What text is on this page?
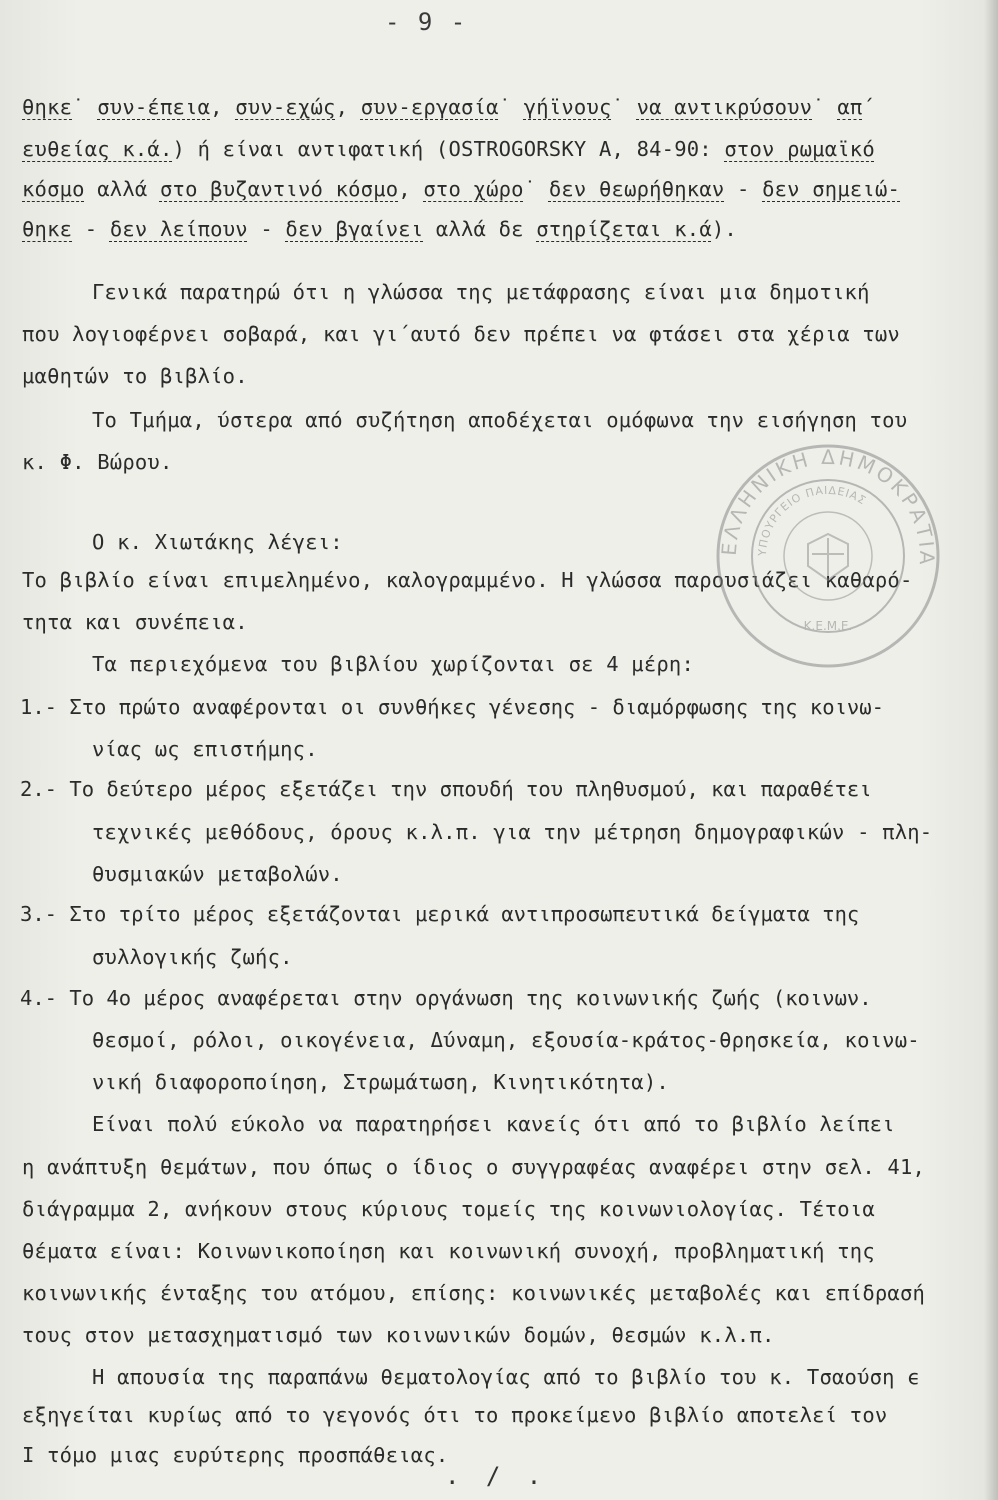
- 9 -
θηκε˙ συν-έπεια, συν-εχώς, συν-εργασία˙ γήϊνους˙ να αντικρύσουν˙ απ΄
ευθείας κ.ά.) ή είναι αντιφατική (OSTROGORSKY A, 84-90: στον ρωμαϊκό
κόσμο αλλά στο βυζαντινό κόσμο, στο χώρο˙ δεν θεωρήθηκαν - δεν σημειώ-
θηκε - δεν λείπουν - δεν βγαίνει αλλά δε στηρίζεται κ.ά).
Γενικά παρατηρώ ότι η γλώσσα της μετάφρασης είναι μια δημοτική
που λογιοφέρνει σοβαρά, και γι΄αυτό δεν πρέπει να φτάσει στα χέρια των
μαθητών το βιβλίο.
Το Τμήμα, ύστερα από συζήτηση αποδέχεται ομόφωνα την εισήγηση του
κ. Φ. Βώρου.
Ο κ. Χιωτάκης λέγει:
Το βιβλίο είναι επιμελημένο, καλογραμμένο. Η γλώσσα παρουσιάζει καθαρό-
τητα και συνέπεια.
Τα περιεχόμενα του βιβλίου χωρίζονται σε 4 μέρη:
1.- Στο πρώτο αναφέρονται οι συνθήκες γένεσης - διαμόρφωσης της κοινω-
νίας ως επιστήμης.
2.- Το δεύτερο μέρος εξετάζει την σπουδή του πληθυσμού, και παραθέτει
τεχνικές μεθόδους, όρους κ.λ.π. για την μέτρηση δημογραφικών - πλη-
θυσμιακών μεταβολών.
3.- Στο τρίτο μέρος εξετάζονται μερικά αντιπροσωπευτικά δείγματα της
συλλογικής ζωής.
4.- Το 4ο μέρος αναφέρεται στην οργάνωση της κοινωνικής ζωής (κοινων.
θεσμοί, ρόλοι, οικογένεια, Δύναμη, εξουσία-κράτος-θρησκεία, κοινω-
νική διαφοροποίηση, Στρωμάτωση, Κινητικότητα).
Είναι πολύ εύκολο να παρατηρήσει κανείς ότι από το βιβλίο λείπει
η ανάπτυξη θεμάτων, που όπως ο ίδιος ο συγγραφέας αναφέρει στην σελ. 41,
διάγραμμα 2, ανήκουν στους κύριους τομείς της κοινωνιολογίας. Τέτοια
θέματα είναι: Κοινωνικοποίηση και κοινωνική συνοχή, προβληματική της
κοινωνικής ένταξης του ατόμου, επίσης: κοινωνικές μεταβολές και επίδρασή
τους στον μετασχηματισμό των κοινωνικών δομών, θεσμών κ.λ.π.
Η απουσία της παραπάνω θεματολογίας από το βιβλίο του κ. Τσαούση ϵ
εξηγείται κυρίως από το γεγονός ότι το προκείμενο βιβλίο αποτελεί τον
Ι τόμο μιας ευρύτερης προσπάθειας.
. / .
ΕΛΛΗΝΙΚΗ ΔΗΜΟΚΡΑΤΙΑ
ΥΠΟΥΡΓΕΙΟ ΠΑΙΔΕΙΑΣ
Κ.Ε.Μ.Ε.
